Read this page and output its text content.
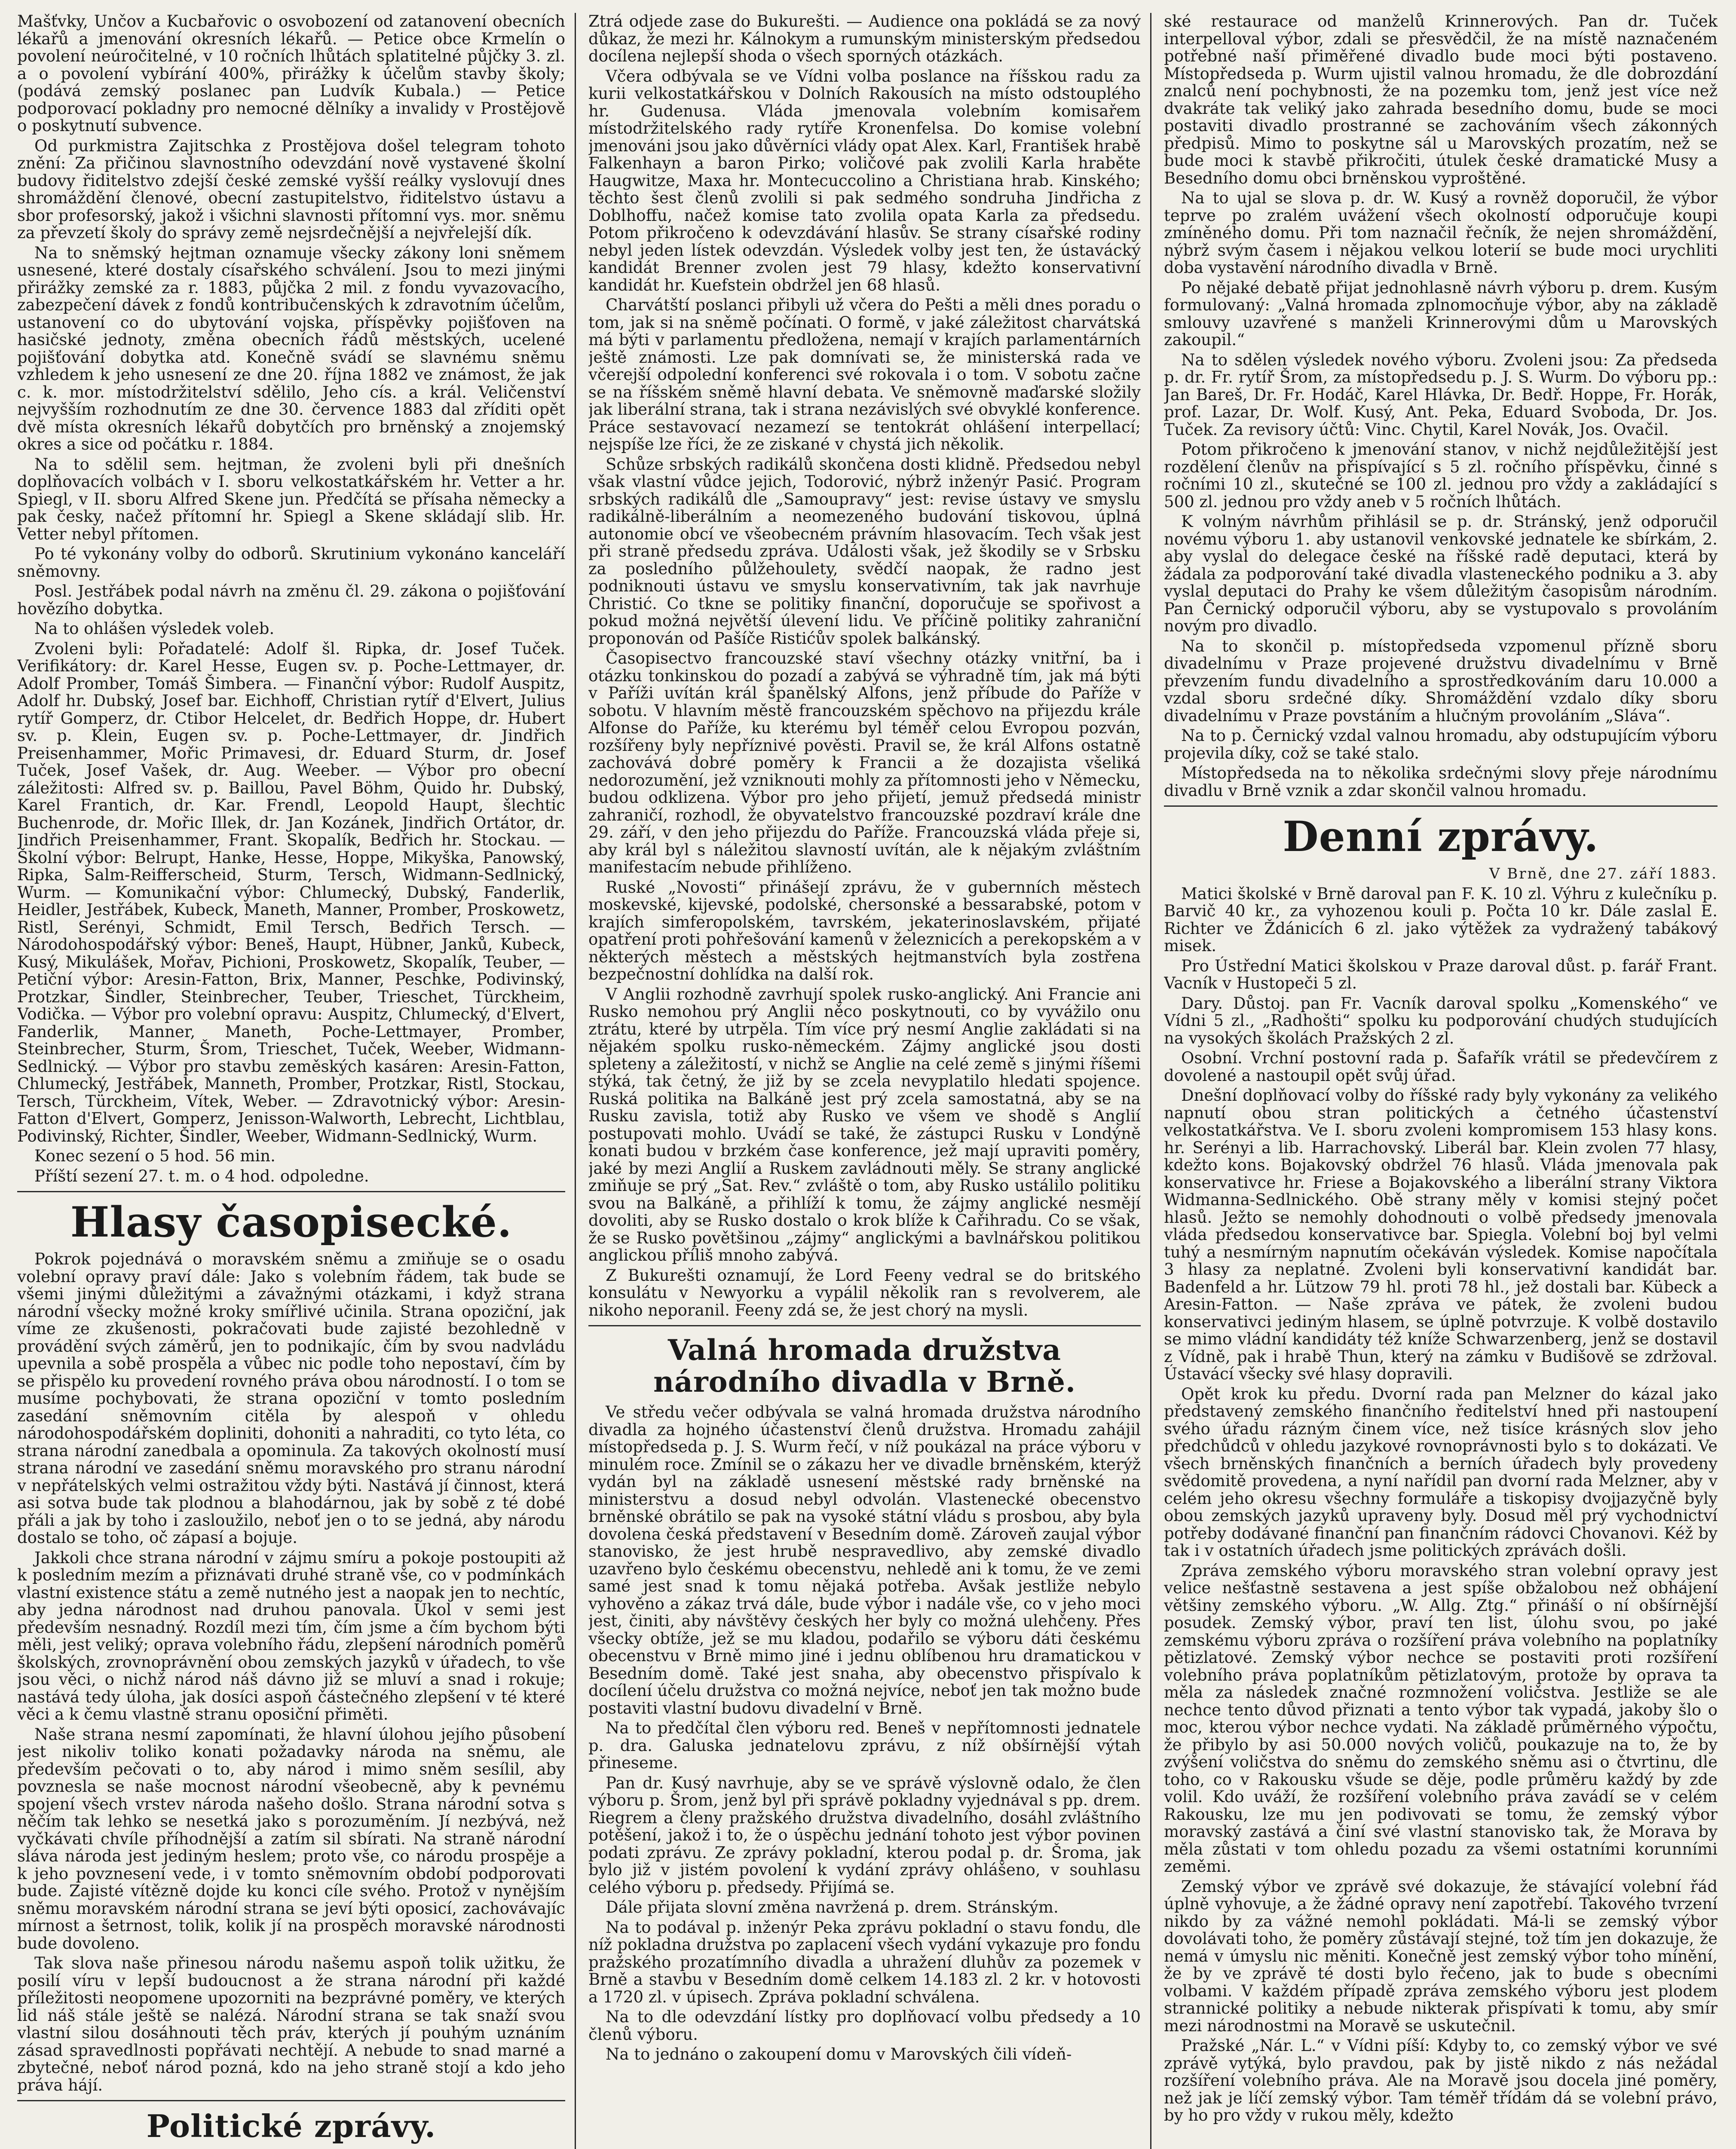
Mašťvky, Unčov a Kucbařovic o osvobození od zatanovení obecních lékařů a jmenování okresních lékařů. — Petice obce Krmelín o povolení neúročitelné, v 10 ročních lhůtách splatitelné půjčky 3. zl. a o povolení vybírání 400%, přirážky k účelům stavby školy; (podává zemský poslanec pan Ludvík Kubala.) — Petice podporovací pokladny pro nemocné dělníky a invalidy v Prostějově o poskytnutí subvence.

Od purkmistra Zajitschka z Prostějova došel telegram tohoto znění: Za přičinou slavnostního odevzdání nově vystavené školní budovy řiditelstvo zdejší české zemské vyšší reálky vyslovují dnes shromáždění členové, obecní zastupitelstvo, řiditelstvo ústavu a sbor profesorský, jakož i všichni slavnosti přítomní vys. mor. sněmu za převzetí školy do správy země nejsrdečnější a nejvřelejší dík.

Na to sněmský hejtman oznamuje všecky zákony loni sněmem usnesené, které dostaly císařského schválení. Jsou to mezi jinými přirážky zemské za r. 1883, půjčka 2 mil. z fondu vyvazovacího, zabezpečení dávek z fondů kontribučenských k zdravotním účelům, ustanovení co do ubytování vojska, příspěvky pojišťoven na hasičské jednoty, změna obecních řádů městských, ucelené pojišťování dobytka atd. Konečně svádí se slavnému sněmu vzhledem k jeho usnesení ze dne 20. října 1882 ve známost, že jak c. k. mor. místodržitelství sdělilo, Jeho cís. a král. Veličenství nejvyšším rozhodnutím ze dne 30. července 1883 dal zříditi opět dvě místa okresních lékařů dobytčích pro brněnský a znojemský okres a sice od počátku r. 1884.

Na to sdělil sem. hejtman, že zvoleni byli při dnešních doplňovacích volbách v I. sboru velkostatkářském hr. Vetter a hr. Spiegl, v II. sboru Alfred Skene jun. Předčítá se přísaha německy a pak česky, načež přítomní hr. Spiegl a Skene skládají slib. Hr. Vetter nebyl přítomen.

Po té vykonány volby do odborů. Skrutinium vykonáno kanceláří sněmovny.

Posl. Jestřábek podal návrh na změnu čl. 29. zákona o pojišťování hovězího dobytka.

Na to ohlášen výsledek voleb.

Zvoleni byli: Pořadatelé: Adolf šl. Ripka, dr. Josef Tuček. Verifikátory: dr. Karel Hesse, Eugen sv. p. Poche-Lettmayer, dr. Adolf Promber, Tomáš Šimbera. — Finanční výbor: Rudolf Auspitz, Adolf hr. Dubský, Josef bar. Eichhoff, Christian rytíř d'Elvert, Julius rytíř Gomperz, dr. Ctibor Helcelet, dr. Bedřich Hoppe, dr. Hubert sv. p. Klein, Eugen sv. p. Poche-Lettmayer, dr. Jindřich Preisenhammer, Mořic Primavesi, dr. Eduard Sturm, dr. Josef Tuček, Josef Vašek, dr. Aug. Weeber. — Výbor pro obecní záležitosti: Alfred sv. p. Baillou, Pavel Böhm, Quido hr. Dubský, Karel Frantich, dr. Kar. Frendl, Leopold Haupt, šlechtic Buchenrode, dr. Mořic Illek, dr. Jan Kozánek, Jindřich Ortátor, dr. Jindřich Preisenhammer, Frant. Skopalík, Bedřich hr. Stockau. — Školní výbor: Belrupt, Hanke, Hesse, Hoppe, Mikyška, Panowský, Ripka, Salm-Reifferscheid, Sturm, Tersch, Widmann-Sedlnický, Wurm. — Komunikační výbor: Chlumecký, Dubský, Fanderlik, Heidler, Jestřábek, Kubeck, Maneth, Manner, Promber, Proskowetz, Ristl, Serényi, Schmidt, Emil Tersch, Bedřich Tersch. — Národohospodářský výbor: Beneš, Haupt, Hübner, Janků, Kubeck, Kusý, Mikulášek, Mořav, Pichioni, Proskowetz, Skopalík, Teuber, — Petiční výbor: Aresin-Fatton, Brix, Manner, Peschke, Podivinský, Protzkar, Šindler, Steinbrecher, Teuber, Trieschet, Türckheim, Vodička. — Výbor pro volební opravu: Auspitz, Chlumecký, d'Elvert, Fanderlik, Manner, Maneth, Poche-Lettmayer, Promber, Steinbrecher, Sturm, Šrom, Trieschet, Tuček, Weeber, Widmann-Sedlnický. — Výbor pro stavbu zeměských kasáren: Aresin-Fatton, Chlumecký, Jestřábek, Manneth, Promber, Protzkar, Ristl, Stockau, Tersch, Türckheim, Vítek, Weber. — Zdravotnický výbor: Aresin-Fatton d'Elvert, Gomperz, Jenisson-Walworth, Lebrecht, Lichtblau, Podivinský, Richter, Šindler, Weeber, Widmann-Sedlnický, Wurm.

Konec sezení o 5 hod. 56 min.

Příští sezení 27. t. m. o 4 hod. odpoledne.

Hlasy časopisecké.

Pokrok pojednává o moravském sněmu a zmiňuje se o osadu volební opravy praví dále: Jako s volebním řádem, tak bude se všemi jinými důležitými a závažnými otázkami, i když strana národní všecky možné kroky smířlivé učinila. Strana opoziční, jak víme ze zkušenosti, pokračovati bude zajisté bezohledně v provádění svých záměrů, jen to podnikajíc, čím by svou nadvládu upevnila a sobě prospěla a vůbec nic podle toho nepostaví, čím by se přispělo ku provedení rovného práva obou národností. I o tom se musíme pochybovati, že strana opoziční v tomto posledním zasedání sněmovním citěla by alespoň v ohledu národohospodářském dopliniti, dohoniti a nahraditi, co tyto léta, co strana národní zanedbala a opominula. Za takových okolností musí strana národní ve zasedání sněmu moravského pro stranu národní v nepřátelských velmi ostražitou vždy býti. Nastává jí činnost, která asi sotva bude tak plodnou a blahodárnou, jak by sobě z té dobé přáli a jak by toho i zasloužilo, neboť jen o to se jedná, aby národu dostalo se toho, oč zápasí a bojuje.

Jakkoli chce strana národní v zájmu smíru a pokoje postoupiti až k posledním mezím a přiznávati druhé straně vše, co v podmínkách vlastní existence státu a země nutného jest a naopak jen to nechtíc, aby jedna národnost nad druhou panovala. Úkol v semi jest především nesnadný. Rozdíl mezi tím, čím jsme a čím bychom býti měli, jest veliký; oprava volebního řádu, zlepšení národních poměrů školských, zrovnoprávnění obou zemských jazyků v úřadech, to vše jsou věci, o nichž národ náš dávno již se mluví a snad i rokuje; nastává tedy úloha, jak dosíci aspoň částečného zlepšení v té které věci a k čemu vlastně stranu oposiční přiměti.

Naše strana nesmí zapomínati, že hlavní úlohou jejího působení jest nikoliv toliko konati požadavky národa na sněmu, ale především pečovati o to, aby národ i mimo sněm sesílil, aby povznesla se naše mocnost národní všeobecně, aby k pevnému spojení všech vrstev národa našeho došlo. Strana národní sotva s něčím tak lehko se nesetká jako s porozuměním. Jí nezbývá, než vyčkávati chvíle příhodnější a zatím sil sbírati. Na straně národní sláva národa jest jediným heslem; proto vše, co národu prospěje a k jeho povznesení vede, i v tomto sněmovním období podporovati bude. Zajisté vítězně dojde ku konci cíle svého. Protož v nynějším sněmu moravském národní strana se jeví býti oposicí, zachovávajíc mírnost a šetrnost, tolik, kolik jí na prospěch moravské národnosti bude dovoleno.

Tak slova naše přinesou národu našemu aspoň tolik užitku, že posilí víru v lepší budoucnost a že strana národní při každé příležitosti neopomene upozorniti na bezprávné poměry, ve kterých lid náš stále ještě se nalézá. Národní strana se tak snaží svou vlastní silou dosáhnouti těch práv, kterých jí pouhým uznáním zásad spravedlnosti popřávati nechtějí. A nebude to snad marné a zbytečné, neboť národ pozná, kdo na jeho straně stojí a kdo jeho práva hájí.

Politické zprávy.

Ztrá odjede zase do Bukurešti. — Audience ona pokládá se za nový důkaz, že mezi hr. Kálnokym a rumunským ministerským předsedou docílena nejlepší shoda o všech sporných otázkách.

Včera odbývala se ve Vídni volba poslance na říšskou radu za kurii velkostatkářskou v Dolních Rakousích na místo odstouplého hr. Gudenusa. Vláda jmenovala volebním komisařem místodržitelského rady rytíře Kronenfelsa. Do komise volební jmenováni jsou jako důvěrníci vlády opat Alex. Karl, František hrabě Falkenhayn a baron Pirko; voličové pak zvolili Karla hraběte Haugwitze, Maxa hr. Montecuccolino a Christiana hrab. Kinského; těchto šest členů zvolili si pak sedmého sondruha Jindřicha z Doblhoffu, načež komise tato zvolila opata Karla za předsedu. Potom přikročeno k odevzdávání hlasův. Se strany císařské rodiny nebyl jeden lístek odevzdán. Výsledek volby jest ten, že ústavácký kandidát Brenner zvolen jest 79 hlasy, kdežto konservativní kandidát hr. Kuefstein obdržel jen 68 hlasů.

Charvátští poslanci přibyli už včera do Pešti a měli dnes poradu o tom, jak si na sněmě počínati. O formě, v jaké záležitost charvátská má býti v parlamentu předložena, nemají v krajích parlamentárních ještě známosti. Lze pak domnívati se, že ministerská rada ve včerejší odpolední konferenci své rokovala i o tom. V sobotu začne se na říšském sněmě hlavní debata. Ve sněmovně maďarské složily jak liberální strana, tak i strana nezávislých své obvyklé konference. Práce sestavovací nezamezí se tentokrát ohlášení interpellací; nejspíše lze říci, že ze ziskané v chystá jich několik.

Schůze srbských radikálů skončena dosti klidně. Předsedou nebyl však vlastní vůdce jejich, Todorović, nýbrž inženýr Pasić. Program srbských radikálů dle „Samoupravy“ jest: revise ústavy ve smyslu radikálně-liberálním a neomezeného budování tiskovou, úplná autonomie obcí ve všeobecném právním hlasovacím. Tech však jest při straně předsedu zpráva. Události však, jež škodily se v Srbsku za posledního půlžehoulety, svědčí naopak, že radno jest podniknouti ústavu ve smyslu konservativním, tak jak navrhuje Christić. Co tkne se politiky finanční, doporučuje se spořivost a pokud možná největší úlevení lidu. Ve příčině politiky zahraniční proponován od Pašíče Ristićův spolek balkánský.

Časopisectvo francouzské staví všechny otázky vnitřní, ba i otázku tonkinskou do pozadí a zabývá se výhradně tím, jak má býti v Paříži uvítán král španělský Alfons, jenž příbude do Paříže v sobotu. V hlavním městě francouzském spěchovo na přijezdu krále Alfonse do Paříže, ku kterému byl téměř celou Evropou pozván, rozšířeny byly nepříznivé pověsti. Pravil se, že král Alfons ostatně zachovává dobré poměry k Francii a že dozajista všeliká nedorozumění, jež vzniknouti mohly za přítomnosti jeho v Německu, budou odklizena. Výbor pro jeho přijetí, jemuž předsedá ministr zahraničí, rozhodl, že obyvatelstvo francouzské pozdraví krále dne 29. září, v den jeho přijezdu do Paříže. Francouzská vláda přeje si, aby král byl s náležitou slavností uvítán, ale k nějakým zvláštním manifestacím nebude přihlíženo.

Ruské „Novosti“ přinášejí zprávu, že v gubernních městech moskevské, kijevské, podolské, chersonské a bessarabské, potom v krajích simferopolském, tavrském, jekaterinoslavském, přijaté opatření proti pohřešování kamenů v železnicích a perekopském a v některých městech a městských hejtmanstvích byla zostřena bezpečnostní dohlídka na další rok.

V Anglii rozhodně zavrhují spolek rusko-anglický. Ani Francie ani Rusko nemohou prý Anglii něco poskytnouti, co by vyvážilo onu ztrátu, které by utrpěla. Tím více prý nesmí Anglie zakládati si na nějakém spolku rusko-německém. Zájmy anglické jsou dosti spleteny a záležitostí, v nichž se Anglie na celé země s jinými říšemi stýká, tak četný, že již by se zcela nevyplatilo hledati spojence. Ruská politika na Balkáně jest prý zcela samostatná, aby se na Rusku zavisla, totiž aby Rusko ve všem ve shodě s Anglií postupovati mohlo. Uvádí se také, že zástupci Rusku v Londýně konati budou v brzkém čase konference, jež mají upraviti poměry, jaké by mezi Anglií a Ruskem zavládnouti měly. Se strany anglické zmiňuje se prý „Sat. Rev.“ zvláště o tom, aby Rusko ustálilo politiku svou na Balkáně, a přihlíží k tomu, že zájmy anglické nesmějí dovoliti, aby se Rusko dostalo o krok blíže k Cařihradu. Co se však, že se Rusko povětšinou „zájmy“ anglickými a bavlnářskou politikou anglickou příliš mnoho zabývá.

Z Bukurešti oznamují, že Lord Feeny vedral se do britského konsulátu v Newyorku a vypálil několik ran s revolverem, ale nikoho neporanil. Feeny zdá se, že jest chorý na mysli.

Valná hromada družstva národního divadla v Brně.

Ve středu večer odbývala se valná hromada družstva národního divadla za hojného účastenství členů družstva. Hromadu zahájil místopředseda p. J. S. Wurm řečí, v níž poukázal na práce výboru v minulém roce. Zmínil se o zákazu her ve divadle brněnském, kterýž vydán byl na základě usnesení městské rady brněnské na ministerstvu a dosud nebyl odvolán. Vlastenecké obecenstvo brněnské obrátilo se pak na vysoké státní vládu s prosbou, aby byla dovolena česká představení v Besedním domě. Zároveň zaujal výbor stanovisko, že jest hrubě nespravedlivo, aby zemské divadlo uzavřeno bylo českému obecenstvu, nehledě ani k tomu, že ve zemi samé jest snad k tomu nějaká potřeba. Avšak jestliže nebylo vyhověno a zákaz trvá dále, bude výbor i nadále vše, co v jeho moci jest, činiti, aby návštěvy českých her byly co možná ulehčeny. Přes všecky obtíže, jež se mu kladou, podařilo se výboru dáti českému obecenstvu v Brně mimo jiné i jednu oblíbenou hru dramatickou v Besedním domě. Také jest snaha, aby obecenstvo přispívalo k docílení účelu družstva co možná nejvíce, neboť jen tak možno bude postaviti vlastní budovu divadelní v Brně.

Na to předčítal člen výboru red. Beneš v nepřítomnosti jednatele p. dra. Galuska jednatelovu zprávu, z níž obšírnější výtah přineseme.

Pan dr. Kusý navrhuje, aby se ve správě výslovně odalo, že člen výboru p. Šrom, jenž byl při správě pokladny vyjednával s pp. drem. Riegrem a členy pražského družstva divadelního, dosáhl zvláštního potěšení, jakož i to, že o úspěchu jednání tohoto jest výbor povinen podati zprávu. Ze zprávy pokladní, kterou podal p. dr. Šroma, jak bylo již v jistém povolení k vydání zprávy ohlášeno, v souhlasu celého výboru p. předsedy. Přijímá se.

Dále přijata slovní změna navržená p. drem. Stránským.

Na to podával p. inženýr Peka zprávu pokladní o stavu fondu, dle níž pokladna družstva po zaplacení všech vydání vykazuje pro fondu pražského prozatímního divadla a uhražení dluhův za pozemek v Brně a stavbu v Besedním domě celkem 14.183 zl. 2 kr. v hotovosti a 1720 zl. v úpisech. Zpráva pokladní schválena.

Na to dle odevzdání lístky pro doplňovací volbu předsedy a 10 členů výboru.

Na to jednáno o zakoupení domu v Marovských čili vídeň-

ské restaurace od manželů Krinnerových. Pan dr. Tuček interpelloval výbor, zdali se přesvědčil, že na místě naznačeném potřebné naší přiměřené divadlo bude moci býti postaveno. Místopředseda p. Wurm ujistil valnou hromadu, že dle dobrozdání znalců není pochybnosti, že na pozemku tom, jenž jest více než dvakráte tak veliký jako zahrada besedního domu, bude se moci postaviti divadlo prostranné se zachováním všech zákonných předpisů. Mimo to poskytne sál u Marovských prozatím, než se bude moci k stavbě přikročiti, útulek české dramatické Musy a Besedního domu obci brněnskou vyproštěné.

Na to ujal se slova p. dr. W. Kusý a rovněž doporučil, že výbor teprve po zralém uvážení všech okolností odporučuje koupi zmíněného domu. Při tom naznačil řečník, že nejen shromáždění, nýbrž svým časem i nějakou velkou loterií se bude moci urychliti doba vystavění národního divadla v Brně.

Po nějaké debatě přijat jednohlasně návrh výboru p. drem. Kusým formulovaný: „Valná hromada zplnomocňuje výbor, aby na základě smlouvy uzavřené s manželi Krinnerovými dům u Marovských zakoupil.“

Na to sdělen výsledek nového výboru. Zvoleni jsou: Za předseda p. dr. Fr. rytíř Šrom, za místopředsedu p. J. S. Wurm. Do výboru pp.: Jan Bareš, Dr. Fr. Hodáč, Karel Hlávka, Dr. Bedř. Hoppe, Fr. Horák, prof. Lazar, Dr. Wolf. Kusý, Ant. Peka, Eduard Svoboda, Dr. Jos. Tuček. Za revisory účtů: Vinc. Chytil, Karel Novák, Jos. Ovačil.

Potom přikročeno k jmenování stanov, v nichž nejdůležitější jest rozdělení členův na přispívající s 5 zl. ročního příspěvku, činné s ročními 10 zl., skutečné se 100 zl. jednou pro vždy a zakládající s 500 zl. jednou pro vždy aneb v 5 ročních lhůtách.

K volným návrhům přihlásil se p. dr. Stránský, jenž odporučil novému výboru 1. aby ustanovil venkovské jednatele ke sbírkám, 2. aby vyslal do delegace české na říšské radě deputaci, která by žádala za podporování také divadla vlasteneckého podniku a 3. aby vyslal deputaci do Prahy ke všem důležitým časopisům národním. Pan Černický odporučil výboru, aby se vystupovalo s provoláním novým pro divadlo.

Na to skončil p. místopředseda vzpomenul přízně sboru divadelnímu v Praze projevené družstvu divadelnímu v Brně převzením fundu divadelního a sprostředkováním daru 10.000 a vzdal sboru srdečné díky. Shromáždění vzdalo díky sboru divadelnímu v Praze povstáním a hlučným provoláním „Sláva“.

Na to p. Černický vzdal valnou hromadu, aby odstupujícím výboru projevila díky, což se také stalo.

Místopředseda na to několika srdečnými slovy přeje národnímu divadlu v Brně vznik a zdar skončil valnou hromadu.

Denní zprávy.
V Brně, dne 27. září 1883.

Matici školské v Brně daroval pan F. K. 10 zl. Výhru z kulečníku p. Barvič 40 kr., za vyhozenou kouli p. Počta 10 kr. Dále zaslal E. Richter ve Ždánicích 6 zl. jako výtěžek za vydražený tabákový misek.

Pro Ústřední Matici školskou v Praze daroval důst. p. farář Frant. Vacník v Hustopeči 5 zl.

Dary. Důstoj. pan Fr. Vacník daroval spolku „Komenského“ ve Vídni 5 zl., „Radhošti“ spolku ku podporování chudých studujících na vysokých školách Pražských 2 zl.

Osobní. Vrchní postovní rada p. Šafařík vrátil se předevčírem z dovolené a nastoupil opět svůj úřad.

Dnešní doplňovací volby do říšské rady byly vykonány za velikého napnutí obou stran politických a četného účastenství velkostatkářstva. Ve I. sboru zvoleni kompromisem 153 hlasy kons. hr. Serényi a lib. Harrachovský. Liberál bar. Klein zvolen 77 hlasy, kdežto kons. Bojakovský obdržel 76 hlasů. Vláda jmenovala pak konservativce hr. Friese a Bojakovského a liberální strany Viktora Widmanna-Sedlnického. Obě strany měly v komisi stejný počet hlasů. Ježto se nemohly dohodnouti o volbě předsedy jmenovala vláda předsedou konservativce bar. Spiegla. Volební boj byl velmi tuhý a nesmírným napnutím očekáván výsledek. Komise napočítala 3 hlasy za neplatné. Zvoleni byli konservativní kandidát bar. Badenfeld a hr. Lützow 79 hl. proti 78 hl., jež dostali bar. Kübeck a Aresin-Fatton. — Naše zpráva ve pátek, že zvoleni budou konservativci jediným hlasem, se úplně potvrzuje. K volbě dostavilo se mimo vládní kandidáty též kníže Schwarzenberg, jenž se dostavil z Vídně, pak i hrabě Thun, který na zámku v Budišově se zdržoval. Ústavácí všecky své hlasy dopravili.

Opět krok ku předu. Dvorní rada pan Melzner do kázal jako představený zemského finančního ředitelství hned při nastoupení svého úřadu rázným činem více, než tisíce krásných slov jeho předchůdců v ohledu jazykové rovnoprávnosti bylo s to dokázati. Ve všech brněnských finančních a berních úřadech byly provedeny svědomitě provedena, a nyní nařídil pan dvorní rada Melzner, aby v celém jeho okresu všechny formuláře a tiskopisy dvojjazyčně byly obou zemských jazyků upraveny byly. Dosud měl prý vychodnictví potřeby dodávané finanční pan finančním rádovci Chovanovi. Kéž by tak i v ostatních úřadech jsme politických zprávách došli.

Zpráva zemského výboru moravského stran volební opravy jest velice nešťastně sestavena a jest spíše obžalobou než obhájení většiny zemského výboru. „W. Allg. Ztg.“ přináší o ní obšírnější posudek. Zemský výbor, praví ten list, úlohu svou, po jaké zemskému výboru zpráva o rozšíření práva volebního na poplatníky pětizlatové. Zemský výbor nechce se postaviti proti rozšíření volebního práva poplatníkům pětizlatovým, protože by oprava ta měla za následek značné rozmnožení voličstva. Jestliže se ale nechce tento důvod přiznati a tento výbor tak vypadá, jakoby šlo o moc, kterou výbor nechce vydati. Na základě průměrného výpočtu, že přibylo by asi 50.000 nových voličů, poukazuje na to, že by zvýšení voličstva do sněmu do zemského sněmu asi o čtvrtinu, dle toho, co v Rakousku všude se děje, podle průměru každý by zde volil. Kdo uváží, že rozšíření volebního práva zavádí se v celém Rakousku, lze mu jen podivovati se tomu, že zemský výbor moravský zastává a činí své vlastní stanovisko tak, že Morava by měla zůstati v tom ohledu pozadu za všemi ostatními korunními zeměmi.

Zemský výbor ve zprávě své dokazuje, že stávající volební řád úplně vyhovuje, a že žádné opravy není zapotřebí. Takového tvrzení nikdo by za vážné nemohl pokládati. Má-li se zemský výbor dovolávati toho, že poměry zůstávají stejné, tož tím jen dokazuje, že nemá v úmyslu nic měniti. Konečně jest zemský výbor toho mínění, že by ve zprávě té dosti bylo řečeno, jak to bude s obecními volbami. V každém případě zpráva zemského výboru jest plodem strannické politiky a nebude nikterak přispívati k tomu, aby smír mezi národnostmi na Moravě se uskutečnil.

Pražské „Nár. L.“ v Vídni píší: Kdyby to, co zemský výbor ve své zprávě vytýká, bylo pravdou, pak by jistě nikdo z nás nežádal rozšíření volebního práva. Ale na Moravě jsou docela jiné poměry, než jak je líčí zemský výbor. Tam téměř třídám dá se volební právo, by ho pro vždy v rukou měly, kdežto
